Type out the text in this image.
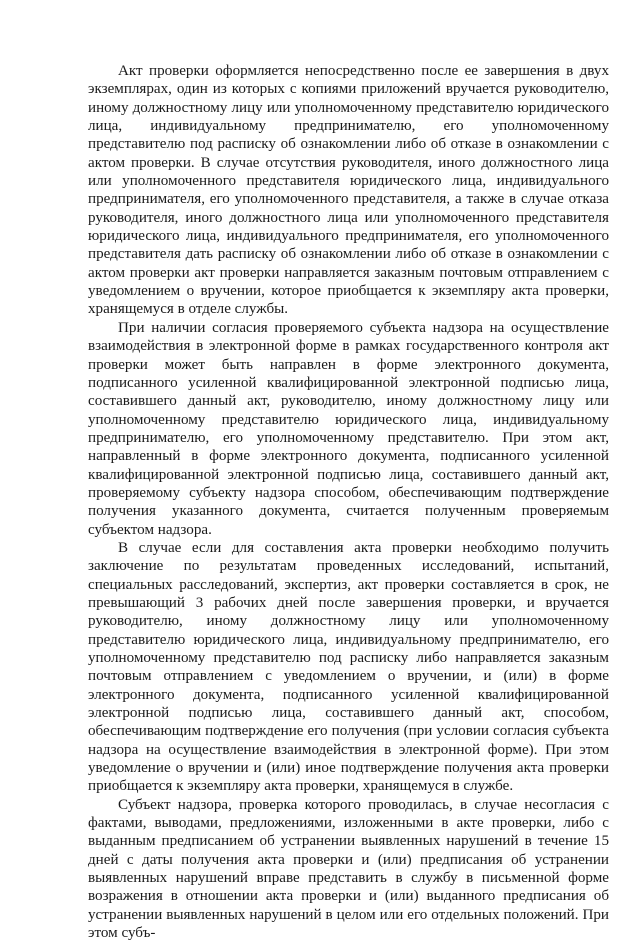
Акт проверки оформляется непосредственно после ее завершения в двух экземплярах, один из которых с копиями приложений вручается руководителю, иному должностному лицу или уполномоченному представителю юридического лица, индивидуальному предпринимателю, его уполномоченному представителю под расписку об ознакомлении либо об отказе в ознакомлении с актом проверки. В случае отсутствия руководителя, иного должностного лица или уполномоченного представителя юридического лица, индивидуального предпринимателя, его уполномоченного представителя, а также в случае отказа руководителя, иного должностного лица или уполномоченного представителя юридического лица, индивидуального предпринимателя, его уполномоченного представителя дать расписку об ознакомлении либо об отказе в ознакомлении с актом проверки акт проверки направляется заказным почтовым отправлением с уведомлением о вручении, которое приобщается к экземпляру акта проверки, хранящемуся в отделе службы.

При наличии согласия проверяемого субъекта надзора на осуществление взаимодействия в электронной форме в рамках государственного контроля акт проверки может быть направлен в форме электронного документа, подписанного усиленной квалифицированной электронной подписью лица, составившего данный акт, руководителю, иному должностному лицу или уполномоченному представителю юридического лица, индивидуальному предпринимателю, его уполномоченному представителю. При этом акт, направленный в форме электронного документа, подписанного усиленной квалифицированной электронной подписью лица, составившего данный акт, проверяемому субъекту надзора способом, обеспечивающим подтверждение получения указанного документа, считается полученным проверяемым субъектом надзора.

В случае если для составления акта проверки необходимо получить заключение по результатам проведенных исследований, испытаний, специальных расследований, экспертиз, акт проверки составляется в срок, не превышающий 3 рабочих дней после завершения проверки, и вручается руководителю, иному должностному лицу или уполномоченному представителю юридического лица, индивидуальному предпринимателю, его уполномоченному представителю под расписку либо направляется заказным почтовым отправлением с уведомлением о вручении, и (или) в форме электронного документа, подписанного усиленной квалифицированной электронной подписью лица, составившего данный акт, способом, обеспечивающим подтверждение его получения (при условии согласия субъекта надзора на осуществление взаимодействия в электронной форме). При этом уведомление о вручении и (или) иное подтверждение получения акта проверки приобщается к экземпляру акта проверки, хранящемуся в службе.

Субъект надзора, проверка которого проводилась, в случае несогласия с фактами, выводами, предложениями, изложенными в акте проверки, либо с выданным предписанием об устранении выявленных нарушений в течение 15 дней с даты получения акта проверки и (или) предписания об устранении выявленных нарушений вправе представить в службу в письменной форме возражения в отношении акта проверки и (или) выданного предписания об устранении выявленных нарушений в целом или его отдельных положений. При этом субъ-
